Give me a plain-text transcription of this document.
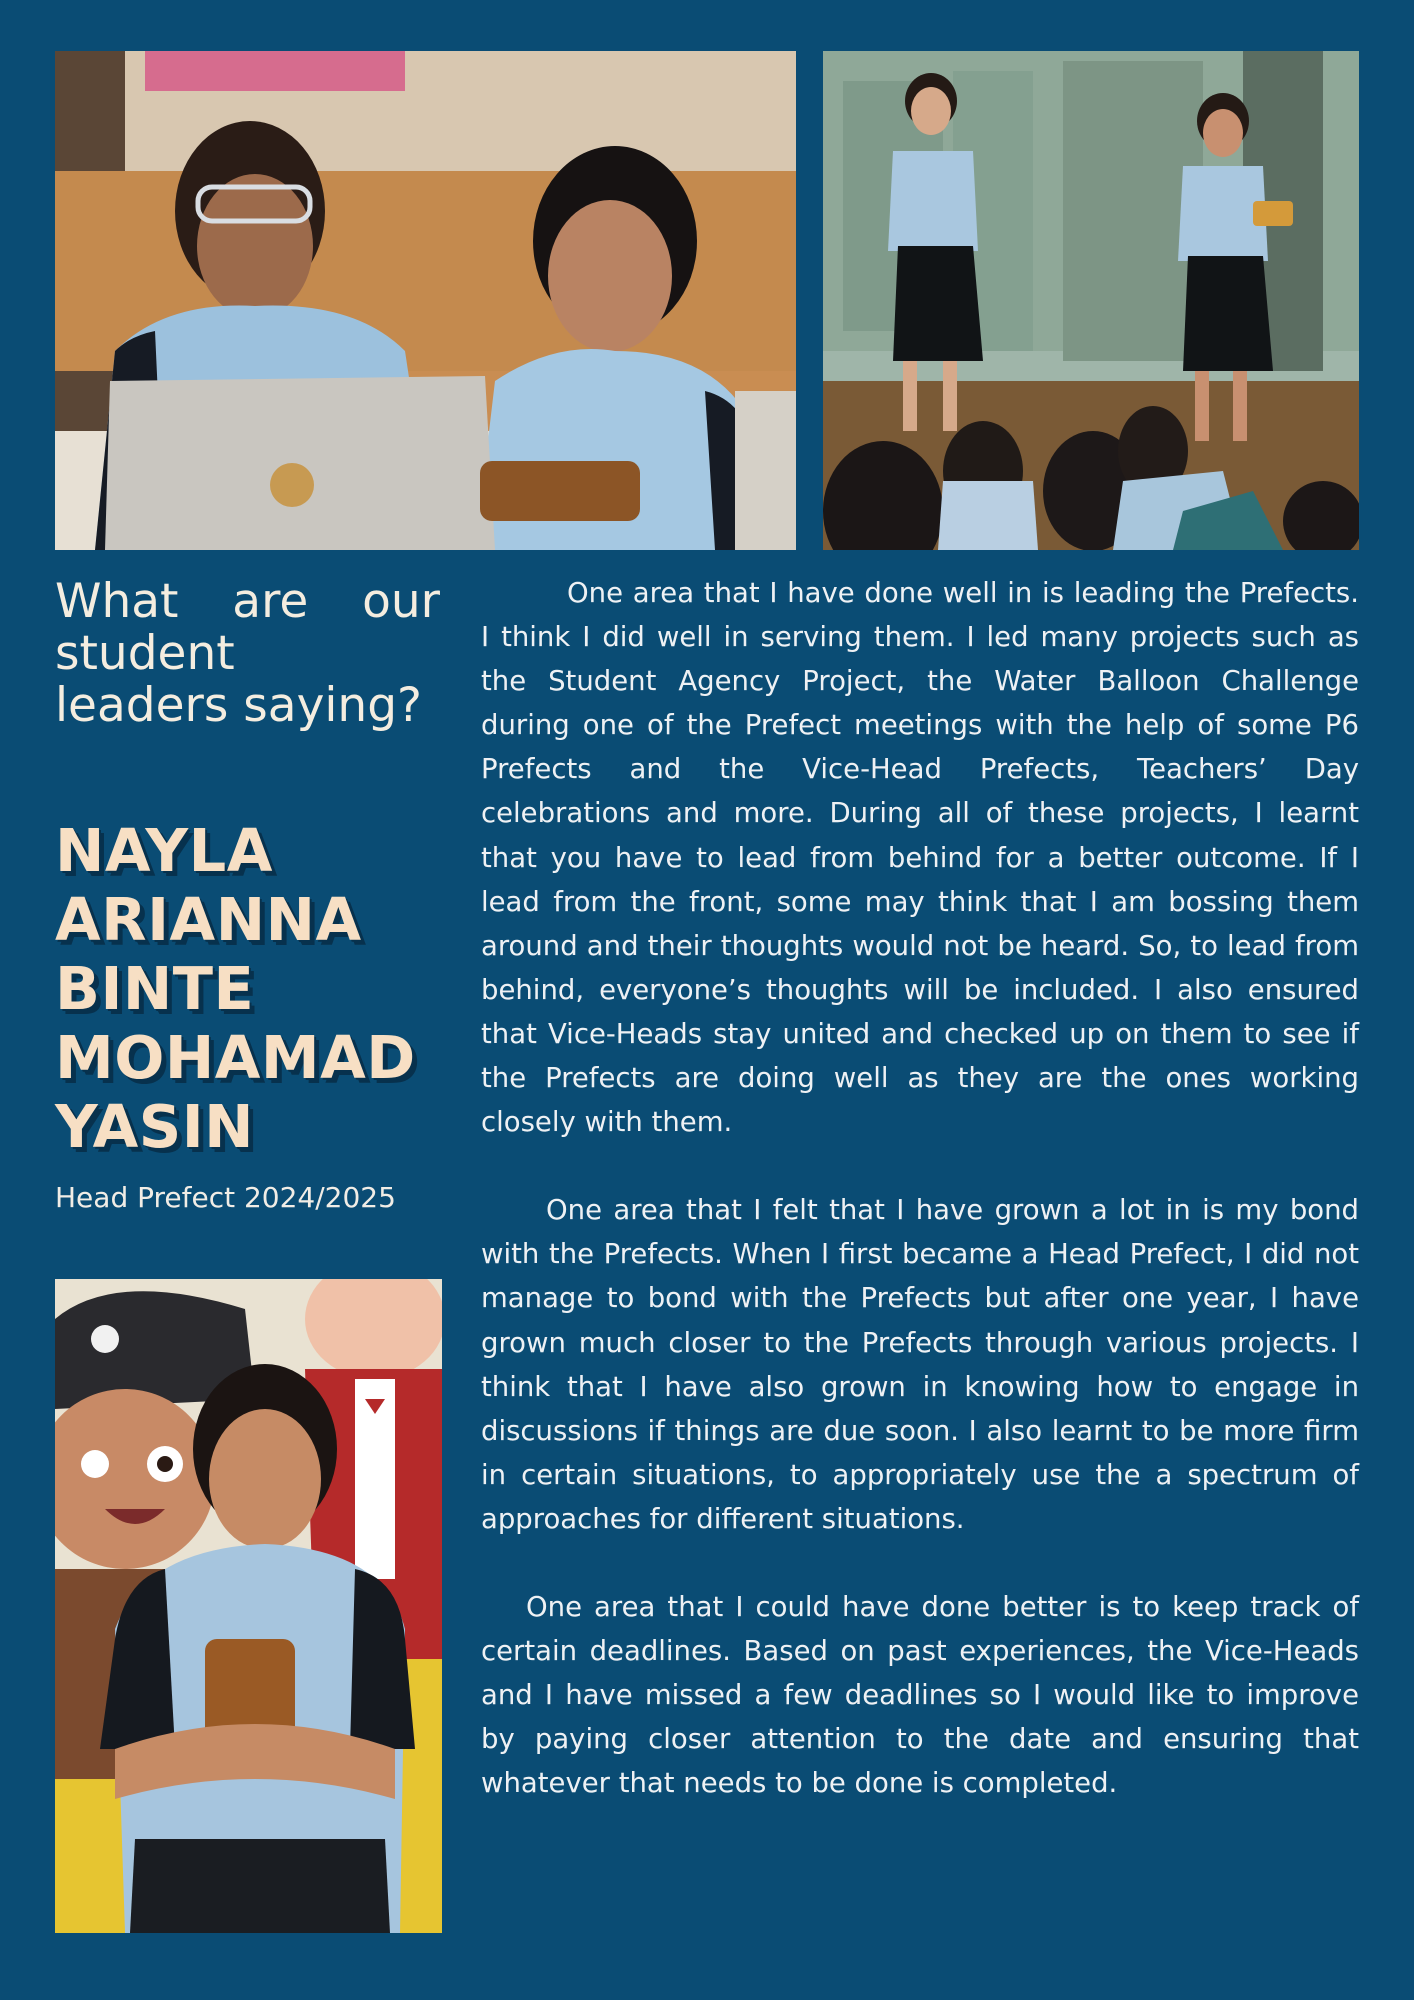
What are our
student
leaders saying?
NAYLA
ARIANNA
BINTE
MOHAMAD
YASIN
Head Prefect 2024/2025

One area that I have done well in is leading the Prefects. I think I did well in serving them. I led many projects such as the Student Agency Project, the Water Balloon Challenge during one of the Prefect meetings with the help of some P6 Prefects and the Vice-Head Prefects, Teachers’ Day celebrations and more. During all of these projects, I learnt that you have to lead from behind for a better outcome. If I lead from the front, some may think that I am bossing them around and their thoughts would not be heard. So, to lead from behind, everyone’s thoughts will be included. I also ensured that Vice-Heads stay united and checked up on them to see if the Prefects are doing well as they are the ones working closely with them.

One area that I felt that I have grown a lot in is my bond with the Prefects. When I first became a Head Prefect, I did not manage to bond with the Prefects but after one year, I have grown much closer to the Prefects through various projects. I think that I have also grown in knowing how to engage in discussions if things are due soon. I also learnt to be more firm in certain situations, to appropriately use the a spectrum of approaches for different situations.

One area that I could have done better is to keep track of certain deadlines. Based on past experiences, the Vice-Heads and I have missed a few deadlines so I would like to improve by paying closer attention to the date and ensuring that whatever that needs to be done is completed.
